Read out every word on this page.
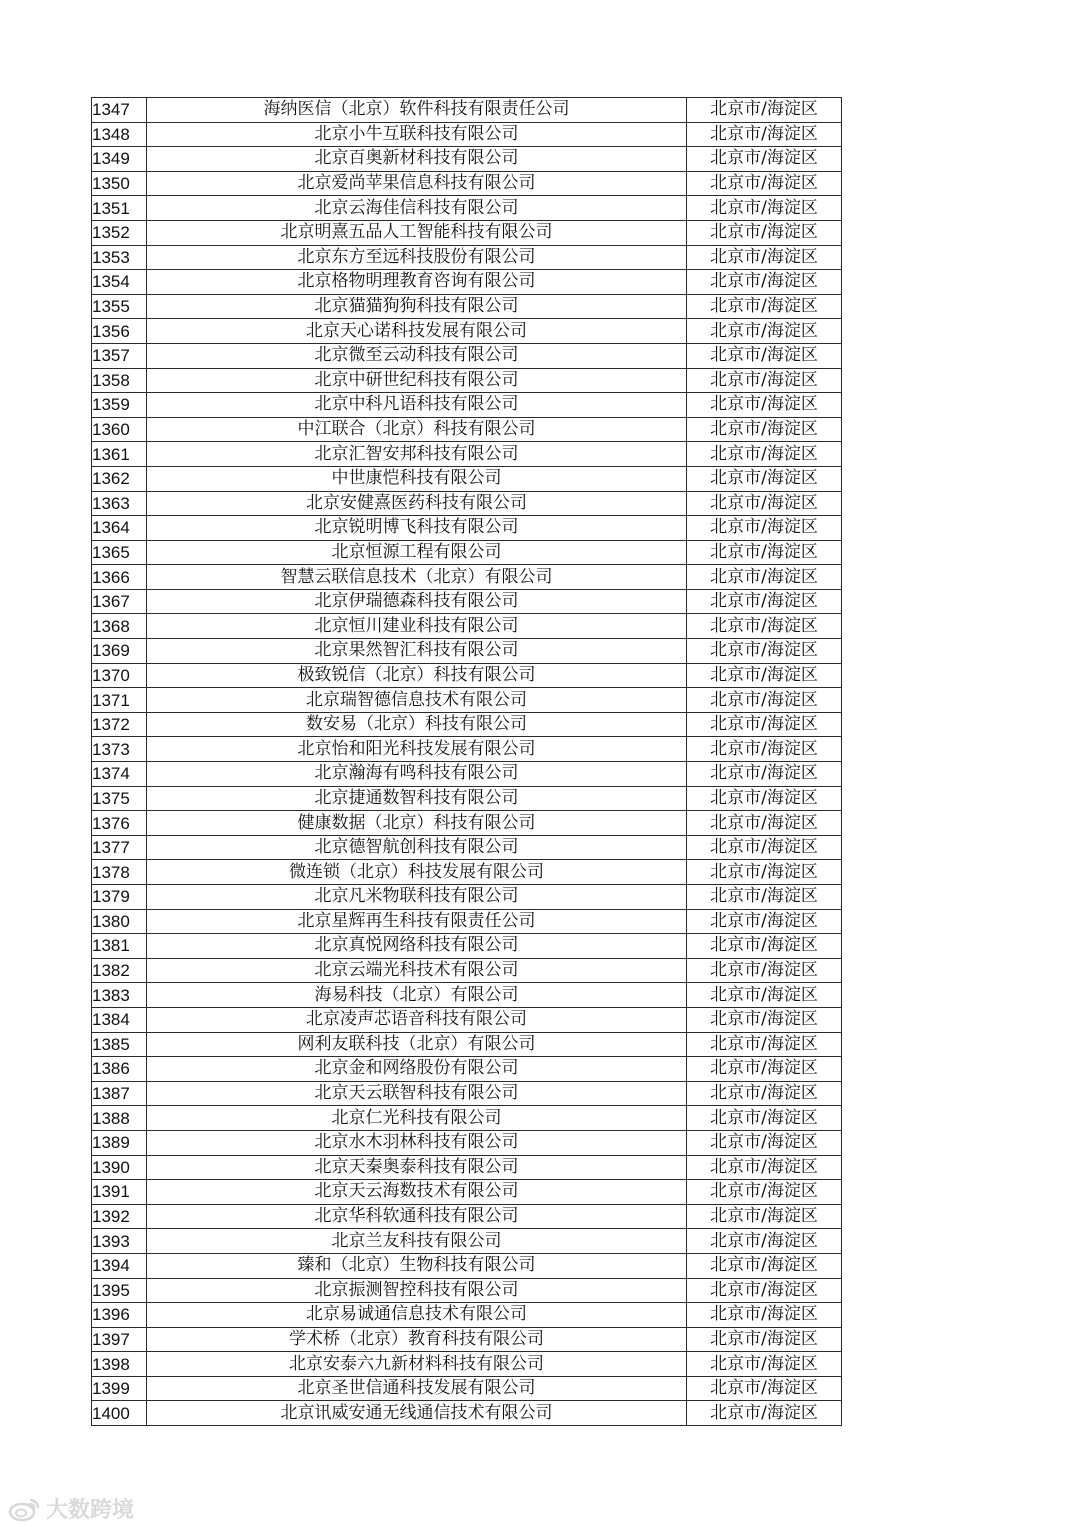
1347	海纳医信（北京）软件科技有限责任公司	北京市/海淀区
1348	北京小牛互联科技有限公司	北京市/海淀区
1349	北京百奥新材科技有限公司	北京市/海淀区
1350	北京爱尚苹果信息科技有限公司	北京市/海淀区
1351	北京云海佳信科技有限公司	北京市/海淀区
1352	北京明熹五品人工智能科技有限公司	北京市/海淀区
1353	北京东方至远科技股份有限公司	北京市/海淀区
1354	北京格物明理教育咨询有限公司	北京市/海淀区
1355	北京猫猫狗狗科技有限公司	北京市/海淀区
1356	北京天心诺科技发展有限公司	北京市/海淀区
1357	北京微至云动科技有限公司	北京市/海淀区
1358	北京中研世纪科技有限公司	北京市/海淀区
1359	北京中科凡语科技有限公司	北京市/海淀区
1360	中江联合（北京）科技有限公司	北京市/海淀区
1361	北京汇智安邦科技有限公司	北京市/海淀区
1362	中世康恺科技有限公司	北京市/海淀区
1363	北京安健熹医药科技有限公司	北京市/海淀区
1364	北京锐明博飞科技有限公司	北京市/海淀区
1365	北京恒源工程有限公司	北京市/海淀区
1366	智慧云联信息技术（北京）有限公司	北京市/海淀区
1367	北京伊瑞德森科技有限公司	北京市/海淀区
1368	北京恒川建业科技有限公司	北京市/海淀区
1369	北京果然智汇科技有限公司	北京市/海淀区
1370	极致锐信（北京）科技有限公司	北京市/海淀区
1371	北京瑞智德信息技术有限公司	北京市/海淀区
1372	数安易（北京）科技有限公司	北京市/海淀区
1373	北京怡和阳光科技发展有限公司	北京市/海淀区
1374	北京瀚海有鸣科技有限公司	北京市/海淀区
1375	北京捷通数智科技有限公司	北京市/海淀区
1376	健康数据（北京）科技有限公司	北京市/海淀区
1377	北京德智航创科技有限公司	北京市/海淀区
1378	微连锁（北京）科技发展有限公司	北京市/海淀区
1379	北京凡米物联科技有限公司	北京市/海淀区
1380	北京星辉再生科技有限责任公司	北京市/海淀区
1381	北京真悦网络科技有限公司	北京市/海淀区
1382	北京云端光科技术有限公司	北京市/海淀区
1383	海易科技（北京）有限公司	北京市/海淀区
1384	北京凌声芯语音科技有限公司	北京市/海淀区
1385	网利友联科技（北京）有限公司	北京市/海淀区
1386	北京金和网络股份有限公司	北京市/海淀区
1387	北京天云联智科技有限公司	北京市/海淀区
1388	北京仁光科技有限公司	北京市/海淀区
1389	北京水木羽林科技有限公司	北京市/海淀区
1390	北京天秦奥泰科技有限公司	北京市/海淀区
1391	北京天云海数技术有限公司	北京市/海淀区
1392	北京华科软通科技有限公司	北京市/海淀区
1393	北京兰友科技有限公司	北京市/海淀区
1394	臻和（北京）生物科技有限公司	北京市/海淀区
1395	北京振测智控科技有限公司	北京市/海淀区
1396	北京易诚通信息技术有限公司	北京市/海淀区
1397	学术桥（北京）教育科技有限公司	北京市/海淀区
1398	北京安泰六九新材料科技有限公司	北京市/海淀区
1399	北京圣世信通科技发展有限公司	北京市/海淀区
1400	北京讯威安通无线通信技术有限公司	北京市/海淀区
大数跨境
